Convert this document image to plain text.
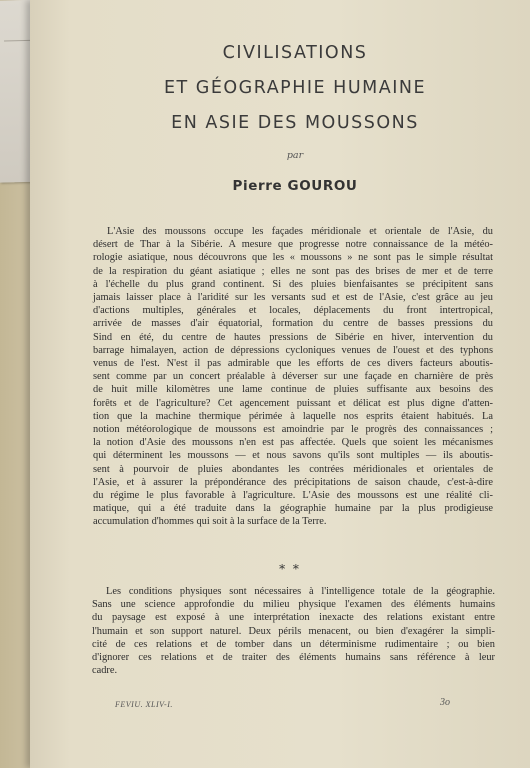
CIVILISATIONS
ET GÉOGRAPHIE HUMAINE
EN ASIE DES MOUSSONS
par
Pierre GOUROU
L'Asie des moussons occupe les façades méridionale et orientale de l'Asie, du
désert de Thar à la Sibérie. A mesure que progresse notre connaissance de la météo-
rologie asiatique, nous découvrons que les « moussons » ne sont pas le simple résultat
de la respiration du géant asiatique ; elles ne sont pas des brises de mer et de terre
à l'échelle du plus grand continent. Si des pluies bienfaisantes se précipitent sans
jamais laisser place à l'aridité sur les versants sud et est de l'Asie, c'est grâce au jeu
d'actions multiples, générales et locales, déplacements du front intertropical,
arrivée de masses d'air équatorial, formation du centre de basses pressions du
Sind en été, du centre de hautes pressions de Sibérie en hiver, intervention du
barrage himalayen, action de dépressions cycloniques venues de l'ouest et des typhons
venus de l'est. N'est il pas admirable que les efforts de ces divers facteurs aboutis-
sent comme par un concert préalable à déverser sur une façade en charnière de près
de huit mille kilomètres une lame continue de pluies suffisante aux besoins des
forêts et de l'agriculture? Cet agencement puissant et délicat est plus digne d'atten-
tion que la machine thermique périmée à laquelle nos esprits étaient habitués. La
notion météorologique de moussons est amoindrie par le progrès des connaissances ;
la notion d'Asie des moussons n'en est pas affectée. Quels que soient les mécanismes
qui déterminent les moussons — et nous savons qu'ils sont multiples — ils aboutis-
sent à pourvoir de pluies abondantes les contrées méridionales et orientales de
l'Asie, et à assurer la prépondérance des précipitations de saison chaude, c'est-à-dire
du régime le plus favorable à l'agriculture. L'Asie des moussons est une réalité cli-
matique, qui a été traduite dans la géographie humaine par la plus prodigieuse
accumulation d'hommes qui soit à la surface de la Terre.
* *
Les conditions physiques sont nécessaires à l'intelligence totale de la géographie.
Sans une science approfondie du milieu physique l'examen des éléments humains
du paysage est exposé à une interprétation inexacte des relations existant entre
l'humain et son support naturel. Deux périls menacent, ou bien d'exagérer la simpli-
cité de ces relations et de tomber dans un déterminisme rudimentaire ; ou bien
d'ignorer ces relations et de traiter des éléments humains sans référence à leur
cadre.
FEVIU. XLIV-I.	3o
